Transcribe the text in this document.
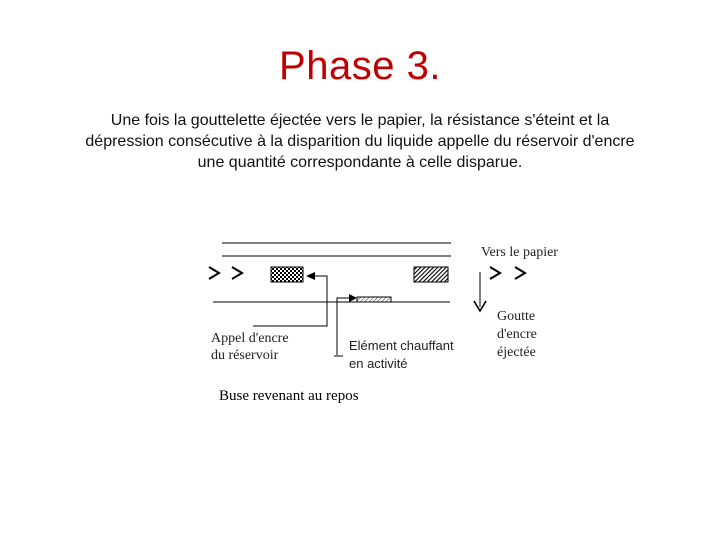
Phase 3.
Une fois la gouttelette éjectée vers le papier, la résistance s'éteint et la dépression consécutive à la disparition du liquide appelle du réservoir d'encre une quantité correspondante à celle disparue.
Vers le papier
Goutte
d'encre
éjectée
Appel d'encre
du réservoir
Elément chauffant
en activité
Buse revenant au repos
